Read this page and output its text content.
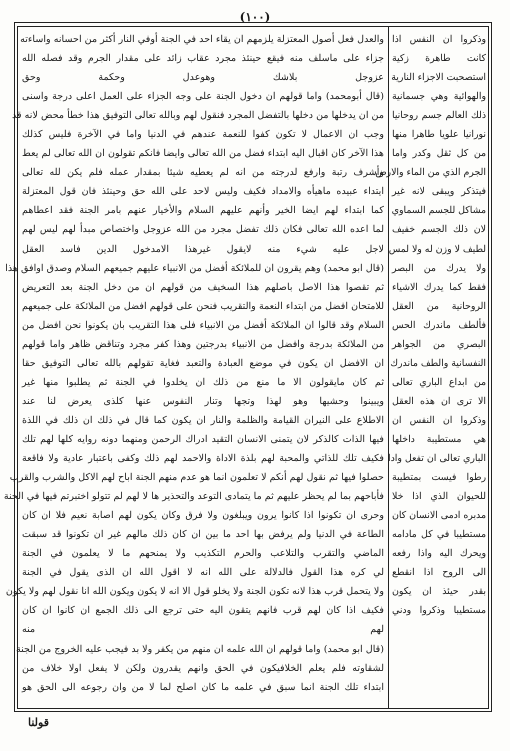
(١٠٠)
والعدل فعل أصول المعتزلة يلزمهم ان يقاء احد في الجنة أوفي النار أكثر من احسانه واساءته
جزاء على ماسلف منه فيقع حينئذ مجرد عقاب زائد على مقدار الجرم وقد فصله الله
عزوجل بلاشك وهوعدل وحكمة وحق
(قال أبومحمد) واما قولهم ان دخول الجنة على وجه الجزاء على العمل اعلى درجة واسنى
من ان يدخلها من دخلها بالتفضل المجرد فنقول لهم وبالله تعالى التوفيق هذا خطأ محض لانه قد
وجب ان الاعمال لا تكون كفوا للنعمة عندهم في الدنيا واما في الآخرة فليس كذلك
هذا الآخر كان اقبال اليه ابتداء فضل من الله تعالى وايضا فانكم تقولون ان الله تعالى لم يعط
وأشرف رتبة وارفع لدرجته من انه لم يعطيه شيئا بمقدار عمله فلم يكن لله تعالى
ايتداء عبيده ماهيأه والامداد فكيف وليس لاحد على الله حق وحينئذ فان قول المعتزلة
كما ابتداء لهم ايضا الخير وأنهم عليهم السلام والأخيار عنهم بامر الجنة فقد اعطاهم
لما اعده الله تعالى فكان ذلك تفضل مجرد من الله عزوجل واختصاص مبدأ لهم ليس لهم
لاجل عليه شيء منه لايقول غيرهذا الامدخول الدين فاسد العقل
(قال ابو محمد) وهم يقرون ان للملائكة أفضل من الانبياء عليهم جميعهم السلام وصدق اوافق هذا
ثم تقصوا هذا الاصل باصلهم هذا السخيف من قولهم ان من دخل الجنة بعد التعريض
للامتحان افضل من ابتداء النعمة والتقريب فنحن على قولهم افضل من الملائكة على جميعهم
السلام وقد قالوا ان الملائكة أفضل من الانبياء فلى هذا التقريب بان يكونوا نحن افضل من
من الملائكة بدرجة وافضل من الانبياء بدرجتين وهذا كفر مجرد وتناقض ظاهر واما قولهم
ان الافضل ان يكون في موضع العبادة والتعبد فغاية تقولهم بالله تعالى التوفيق حقا
ثم كان مايقولون الا ما منع من ذلك ان يخلدوا في الجنة ثم يطلبوا منها غير
ويبينوا وحشيها وهو لهذا وتجها وتنار النفوس عنها كلذى يعرض لنا عند
الاطلاع على النيران القيامة والظلمة والنار ان يكون كما قال في ذلك ان ذلك في اللذة
فيها الذات كالذكر لان يتمنى الانسان التقيد ادراك الرحمن ومنهما دونه روايه كلها لهم تلك
فكيف تلك للذاتي والمحبة لهم بلذة الاداة والاحمد لهم ذلك وكفى باعتبار عادية ولا فاقعة
حصلوا فيها ثم نقول لهم أنكم لا تعلمون انما هو عدم منهم الجنة اباح لهم الاكل والشرب والقرب
فأباحهم بما لم يحظر عليهم ثم ما يتمادى التوعد والتحذير ها لا لهم لم تتولو اختبرتم فيها في الجنة
وحرى ان تكونوا اذا كانوا يرون ويبلغون ولا فرق وكان يكون لهم اصابة نعيم فلا ان كان
الطاعة في الدنيا ولم يرفض بها احد ما بين ان كان ذلك مالهم غير ان تكونوا قد سبقت
الماضي والتقرب والتلاعب والحرم التكذيب ولا يمنحهم ما لا يعلمون في الجنة
لي كره هذا القول فالدلالة على الله انه لا اقول الله ان الذى يقول في الجنة
ولا يتحمل قرب هذا لانه تكون الجنة ولا يخلو قول الا انه لا يكون ويكون الله انا نقول لهم ولا يكون
فكيف اذا كان لهم قرب فانهم يتقون اليه حتى ترجع الى ذلك الجمع ان كانوا ان كان
لهم منه
(قال ابو محمد) واما قولهم ان الله علمه ان منهم من يكفر ولا بد فيجب عليه الخروج من الجنة
لشقاوته فلم يعلم الخلافيكون في الحق وانهم يقدرون ولكن لا يفعل اولا خلاف من
ابتداء تلك الجنة انما سبق في علمه ما كان اصلح لما لا من وان رجوعه الى الحق هو
وذكروا ان النفس اذا
كانت طاهرة زكية
استصحبت الاجزاء النارية
والهوائية وهي جسمانية
ذلك العالم جسم روحانيا
نورانيا علويا طاهرا منها
من كل ثقل وكدر واما
الجرم الذي من الماء والارض
فيتذكر ويبقى لانه غير
مشاكل للجسم السماوي
لان ذلك الجسم خفيف
لطيف لا وزن له ولا لمس
ولا يدرك من البصر
فقط كما يدرك الاشياء
الروحانية من العقل
فألطف ماندرك الحس
البصري من الجواهر
النفسانية والطف ماندرك
من ابداع الباري تعالى
الا ترى ان هذه العقل
وذكروا ان النفس ان
هي مستطيبة داخلها
الباري تعالى ان تفعل وادا
رطوا فيست بمتطيبة
للحيوان الذي اذا خلا
مدبره ادمى الانسان كان
مستطيبا في كل مادامه
ويحرك اليه واذا رفعه
الى الروح اذا انقطع
بقدر حيئذ ان يكون
مستطيبا وذكروا ودني
قولنا
